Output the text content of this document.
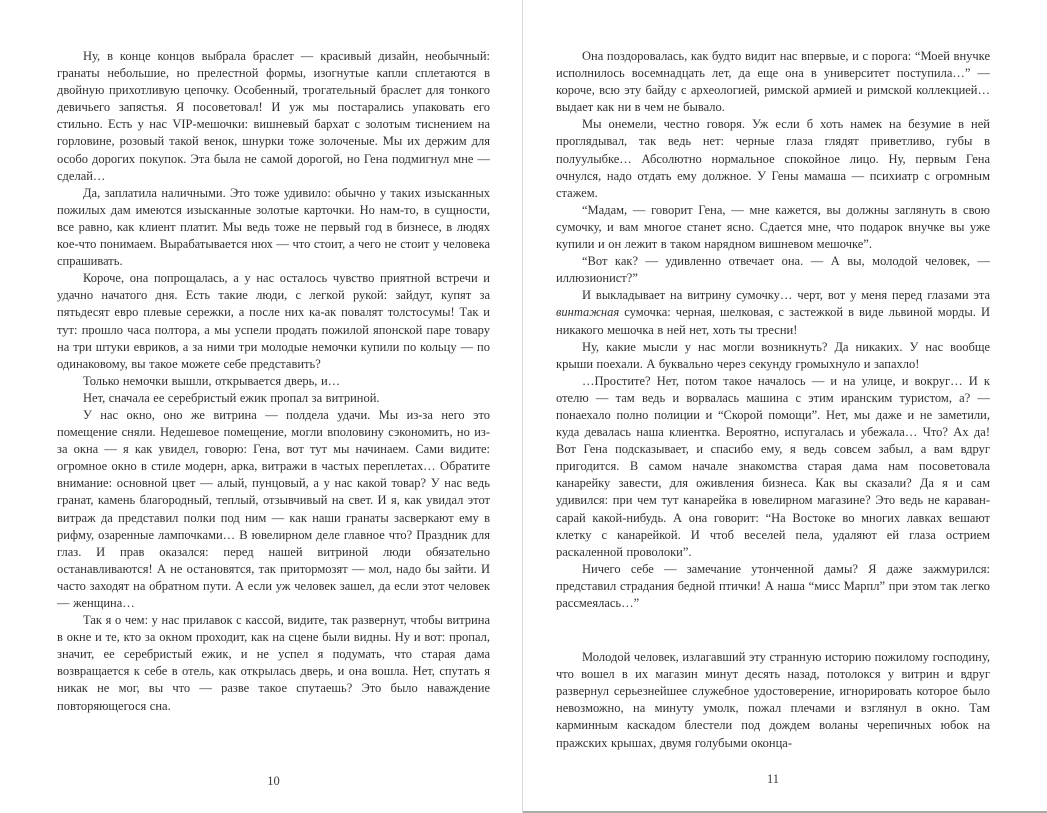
Ну, в конце концов выбрала браслет — красивый дизайн, необычный: гранаты небольшие, но прелестной формы, изогнутые капли сплетаются в двойную прихотливую цепочку. Особенный, трогательный браслет для тонкого девичьего запястья. Я посоветовал! И уж мы постарались упаковать его стильно. Есть у нас VIP-мешочки: вишневый бархат с золотым тиснением на горловине, розовый такой венок, шнурки тоже золоченые. Мы их держим для особо дорогих покупок. Эта была не самой дорогой, но Гена подмигнул мне — сделай…

Да, заплатила наличными. Это тоже удивило: обычно у таких изысканных пожилых дам имеются изысканные золотые карточки. Но нам-то, в сущности, все равно, как клиент платит. Мы ведь тоже не первый год в бизнесе, в людях кое-что понимаем. Вырабатывается нюх — что стоит, а чего не стоит у человека спрашивать.

Короче, она попрощалась, а у нас осталось чувство приятной встречи и удачно начатого дня. Есть такие люди, с легкой рукой: зайдут, купят за пятьдесят евро плевые сережки, а после них ка-ак повалят толстосумы! Так и тут: прошло часа полтора, а мы успели продать пожилой японской паре товару на три штуки евриков, а за ними три молодые немочки купили по кольцу — по одинаковому, вы такое можете себе представить?

Только немочки вышли, открывается дверь, и…

Нет, сначала ее серебристый ежик пропал за витриной.

У нас окно, оно же витрина — полдела удачи. Мы из-за него это помещение сняли. Недешевое помещение, могли вполовину сэкономить, но из-за окна — я как увидел, говорю: Гена, вот тут мы начинаем. Сами видите: огромное окно в стиле модерн, арка, витражи в частых переплетах… Обратите внимание: основной цвет — алый, пунцовый, а у нас какой товар? У нас ведь гранат, камень благородный, теплый, отзывчивый на свет. И я, как увидал этот витраж да представил полки под ним — как наши гранаты засверкают ему в рифму, озаренные лампочками… В ювелирном деле главное что? Праздник для глаз. И прав оказался: перед нашей витриной люди обязательно останавливаются! А не остановятся, так притормозят — мол, надо бы зайти. И часто заходят на обратном пути. А если уж человек зашел, да если этот человек — женщина…

Так я о чем: у нас прилавок с кассой, видите, так развернут, чтобы витрина в окне и те, кто за окном проходит, как на сцене были видны. Ну и вот: пропал, значит, ее серебристый ежик, и не успел я подумать, что старая дама возвращается к себе в отель, как открылась дверь, и она вошла. Нет, спутать я никак не мог, вы что — разве такое спутаешь? Это было наваждение повторяющегося сна.

10

Она поздоровалась, как будто видит нас впервые, и с порога: “Моей внучке исполнилось восемнадцать лет, да еще она в университет поступила…” — короче, всю эту байду с археологией, римской армией и римской коллекцией… выдает как ни в чем не бывало.

Мы онемели, честно говоря. Уж если б хоть намек на безумие в ней проглядывал, так ведь нет: черные глаза глядят приветливо, губы в полуулыбке… Абсолютно нормальное спокойное лицо. Ну, первым Гена очнулся, надо отдать ему должное. У Гены мамаша — психиатр с огромным стажем.

“Мадам, — говорит Гена, — мне кажется, вы должны заглянуть в свою сумочку, и вам многое станет ясно. Сдается мне, что подарок внучке вы уже купили и он лежит в таком нарядном вишневом мешочке”.

“Вот как? — удивленно отвечает она. — А вы, молодой человек, — иллюзионист?”

И выкладывает на витрину сумочку… черт, вот у меня перед глазами эта винтажная сумочка: черная, шелковая, с застежкой в виде львиной морды. И никакого мешочка в ней нет, хоть ты тресни!

Ну, какие мысли у нас могли возникнуть? Да никаких. У нас вообще крыши поехали. А буквально через секунду громыхнуло и запахло!

…Простите? Нет, потом такое началось — и на улице, и вокруг… И к отелю — там ведь и ворвалась машина с этим иранским туристом, а? — понаехало полно полиции и “Скорой помощи”. Нет, мы даже и не заметили, куда девалась наша клиентка. Вероятно, испугалась и убежала… Что? Ах да! Вот Гена подсказывает, и спасибо ему, я ведь совсем забыл, а вам вдруг пригодится. В самом начале знакомства старая дама нам посоветовала канарейку завести, для оживления бизнеса. Как вы сказали? Да я и сам удивился: при чем тут канарейка в ювелирном магазине? Это ведь не караван-сарай какой-нибудь. А она говорит: “На Востоке во многих лавках вешают клетку с канарейкой. И чтоб веселей пела, удаляют ей глаза острием раскаленной проволоки”.

Ничего себе — замечание утонченной дамы? Я даже зажмурился: представил страдания бедной птички! А наша “мисс Марпл” при этом так легко рассмеялась…”

Молодой человек, излагавший эту странную историю пожилому господину, что вошел в их магазин минут десять назад, потолокся у витрин и вдруг развернул серьезнейшее служебное удостоверение, игнорировать которое было невозможно, на минуту умолк, пожал плечами и взглянул в окно. Там карминным каскадом блестели под дождем воланы черепичных юбок на пражских крышах, двумя голубыми оконца-

11
